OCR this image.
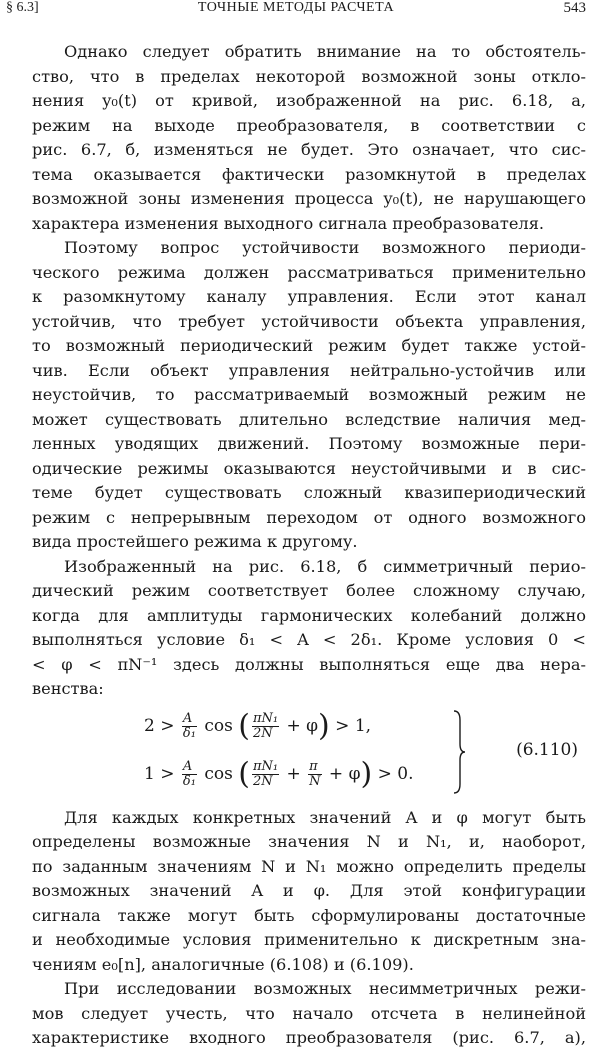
§ 6.3]	ТОЧНЫЕ МЕТОДЫ РАСЧЕТА	543

Однако следует обратить внимание на то обстоятель-

ство, что в пределах некоторой возможной зоны откло-

нения y₀(t) от кривой, изображенной на рис. 6.18, а,

режим на выходе преобразователя, в соответствии с

рис. 6.7, б, изменяться не будет. Это означает, что сис-

тема оказывается фактически разомкнутой в пределах

возможной зоны изменения процесса y₀(t), не нарушающего

характера изменения выходного сигнала преобразователя.

Поэтому вопрос устойчивости возможного периоди-

ческого режима должен рассматриваться применительно

к разомкнутому каналу управления. Если этот канал

устойчив, что требует устойчивости объекта управления,

то возможный периодический режим будет также устой-

чив. Если объект управления нейтрально-устойчив или

неустойчив, то рассматриваемый возможный режим не

может существовать длительно вследствие наличия мед-

ленных уводящих движений. Поэтому возможные пери-

одические режимы оказываются неустойчивыми и в сис-

теме будет существовать сложный квазипериодический

режим с непрерывным переходом от одного возможного

вида простейшего режима к другому.

Изображенный на рис. 6.18, б симметричный перио-

дический режим соответствует более сложному случаю,

когда для амплитуды гармонических колебаний должно

выполняться условие δ₁ < A < 2δ₁. Кроме условия 0 <

< φ < πN⁻¹ здесь должны выполняться еще два нера-

венства:

$2 > \frac{A}{\text{δ₁}}$ cos ( $\frac{\text{πN₁}}{2N} + \varphi) > 1$,
$1 > \frac{A}{\text{δ₁}}$ cos ( $\frac{\text{πN₁}}{2N} + \frac{\pi}{N} + \varphi) > 0$.
(6.110)

Для каждых конкретных значений A и φ могут быть

определены возможные значения N и N₁, и, наоборот,

по заданным значениям N и N₁ можно определить пределы

возможных значений A и φ. Для этой конфигурации

сигнала также могут быть сформулированы достаточные

и необходимые условия применительно к дискретным зна-

чениям e₀[n], аналогичные (6.108) и (6.109).

При исследовании возможных несимметричных режи-

мов следует учесть, что начало отсчета в нелинейной

характеристике входного преобразователя (рис. 6.7, а),
